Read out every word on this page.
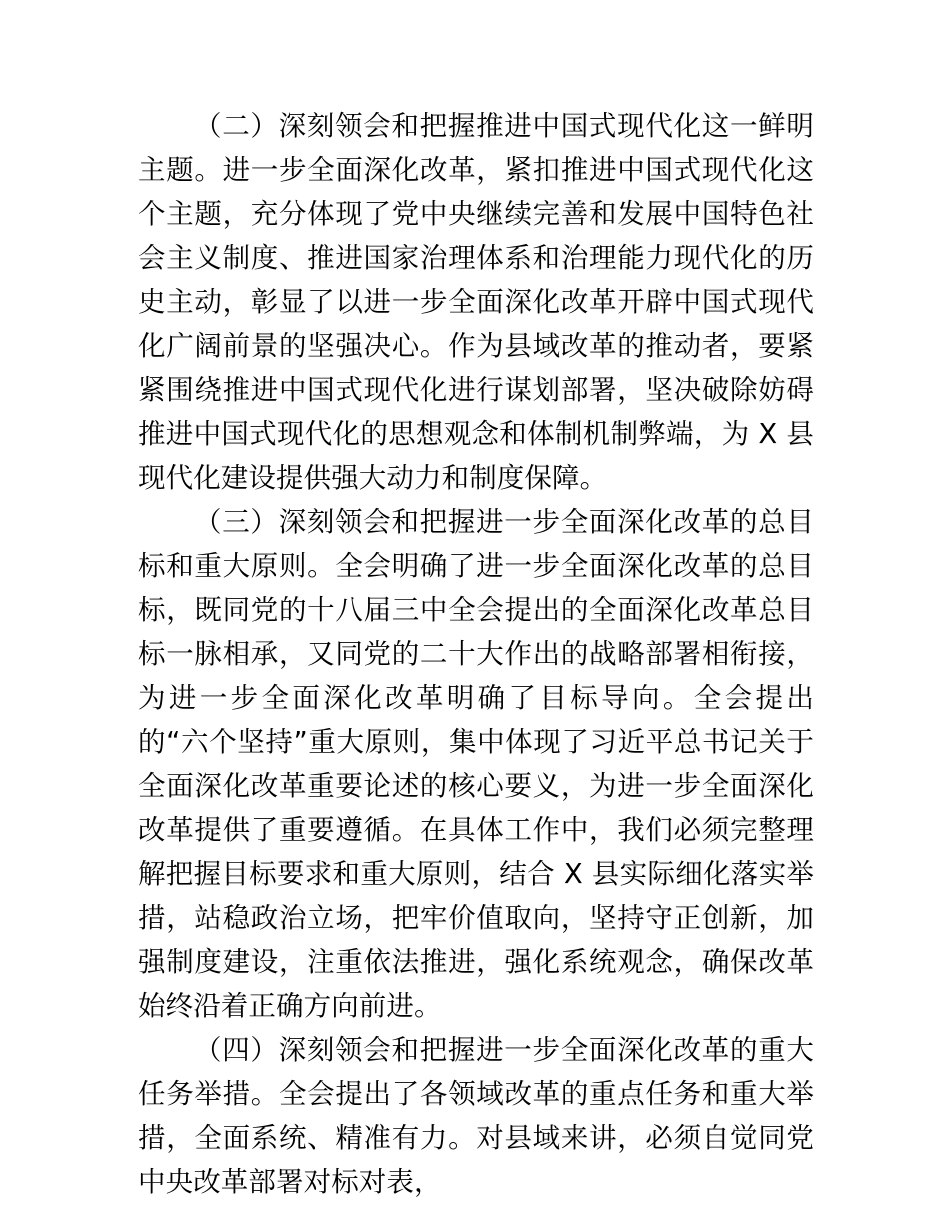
（二）深刻领会和把握推进中国式现代化这一鲜明主题。进一步全面深化改革，紧扣推进中国式现代化这个主题，充分体现了党中央继续完善和发展中国特色社会主义制度、推进国家治理体系和治理能力现代化的历史主动，彰显了以进一步全面深化改革开辟中国式现代化广阔前景的坚强决心。作为县域改革的推动者，要紧紧围绕推进中国式现代化进行谋划部署，坚决破除妨碍推进中国式现代化的思想观念和体制机制弊端，为 X 县现代化建设提供强大动力和制度保障。

（三）深刻领会和把握进一步全面深化改革的总目标和重大原则。全会明确了进一步全面深化改革的总目标，既同党的十八届三中全会提出的全面深化改革总目标一脉相承，又同党的二十大作出的战略部署相衔接，为进一步全面深化改革明确了目标导向。全会提出的“六个坚持”重大原则，集中体现了习近平总书记关于全面深化改革重要论述的核心要义，为进一步全面深化改革提供了重要遵循。在具体工作中，我们必须完整理解把握目标要求和重大原则，结合 X 县实际细化落实举措，站稳政治立场，把牢价值取向，坚持守正创新，加强制度建设，注重依法推进，强化系统观念，确保改革始终沿着正确方向前进。

（四）深刻领会和把握进一步全面深化改革的重大任务举措。全会提出了各领域改革的重点任务和重大举措，全面系统、精准有力。对县域来讲，必须自觉同党中央改革部署对标对表，
